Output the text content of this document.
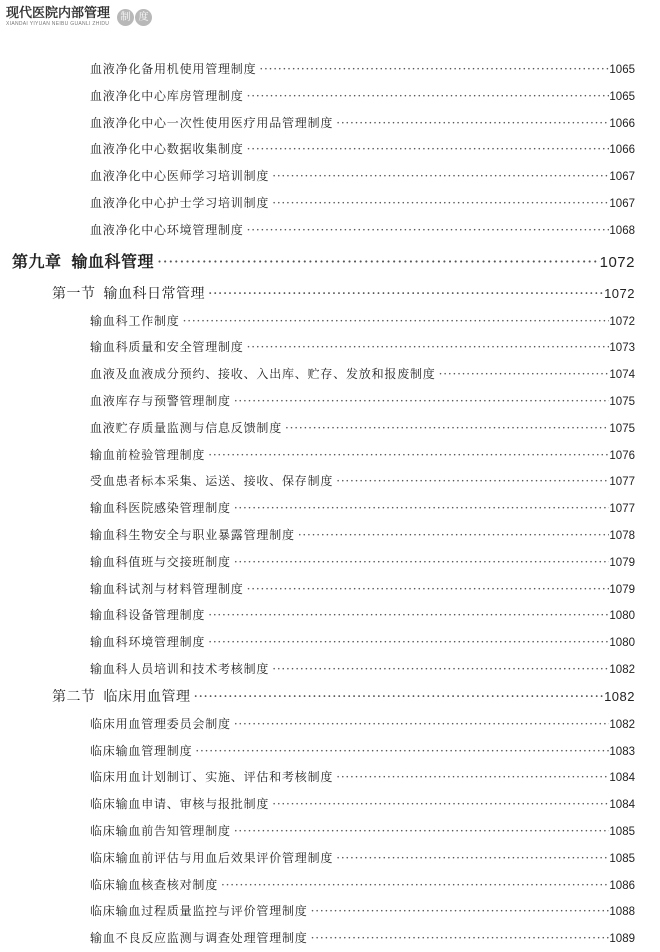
现代医院内部管理
XIANDAI YIYUAN NEIBU GUANLI ZHIDU
制 度
血液净化备用机使用管理制度 ·····	1065
血液净化中心库房管理制度 ·····	1065
血液净化中心一次性使用医疗用品管理制度 ·····	1066
血液净化中心数据收集制度 ·····	1066
血液净化中心医师学习培训制度 ·····	1067
血液净化中心护士学习培训制度 ·····	1067
血液净化中心环境管理制度 ·····	1068
第九章 输血科管理 ·····	1072
第一节 输血科日常管理 ·····	1072
输血科工作制度 ·····	1072
输血科质量和安全管理制度 ·····	1073
血液及血液成分预约、接收、入出库、贮存、发放和报废制度 ·····	1074
血液库存与预警管理制度 ·····	1075
血液贮存质量监测与信息反馈制度 ·····	1075
输血前检验管理制度 ·····	1076
受血患者标本采集、运送、接收、保存制度 ·····	1077
输血科医院感染管理制度 ·····	1077
输血科生物安全与职业暴露管理制度 ·····	1078
输血科值班与交接班制度 ·····	1079
输血科试剂与材料管理制度 ·····	1079
输血科设备管理制度 ·····	1080
输血科环境管理制度 ·····	1080
输血科人员培训和技术考核制度 ·····	1082
第二节 临床用血管理 ·····	1082
临床用血管理委员会制度 ·····	1082
临床输血管理制度 ·····	1083
临床用血计划制订、实施、评估和考核制度 ·····	1084
临床输血申请、审核与报批制度 ·····	1084
临床输血前告知管理制度 ·····	1085
临床输血前评估与用血后效果评价管理制度 ·····	1085
临床输血核查核对制度 ·····	1086
临床输血过程质量监控与评价管理制度 ·····	1088
输血不良反应监测与调查处理管理制度 ·····	1089
